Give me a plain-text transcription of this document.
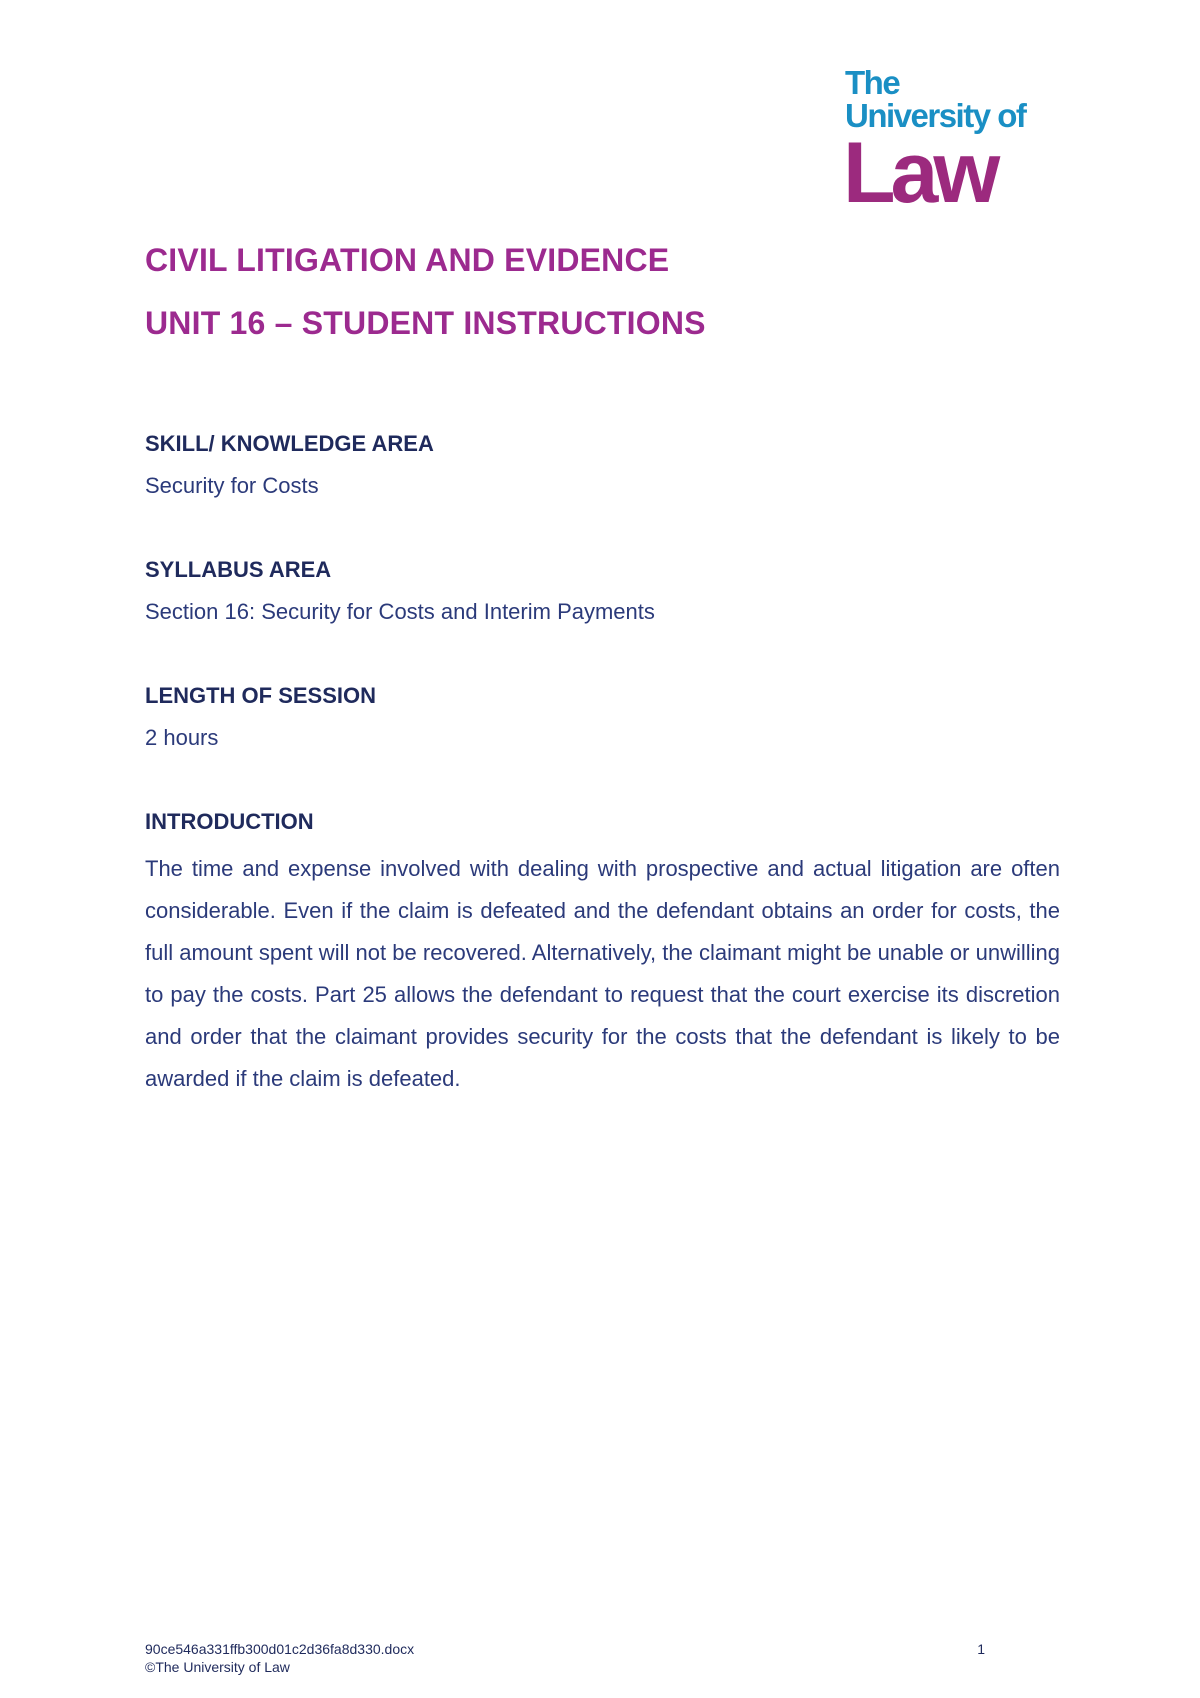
The
University of
Law
CIVIL LITIGATION AND EVIDENCE
UNIT 16 – STUDENT INSTRUCTIONS

SKILL/ KNOWLEDGE AREA

Security for Costs

SYLLABUS AREA

Section 16: Security for Costs and Interim Payments

LENGTH OF SESSION

2 hours

INTRODUCTION

The time and expense involved with dealing with prospective and actual litigation are often considerable. Even if the claim is defeated and the defendant obtains an order for costs, the full amount spent will not be recovered. Alternatively, the claimant might be unable or unwilling to pay the costs. Part 25 allows the defendant to request that the court exercise its discretion and order that the claimant provides security for the costs that the defendant is likely to be awarded if the claim is defeated.

90ce546a331ffb300d01c2d36fa8d330.docx	1
©The University of Law
